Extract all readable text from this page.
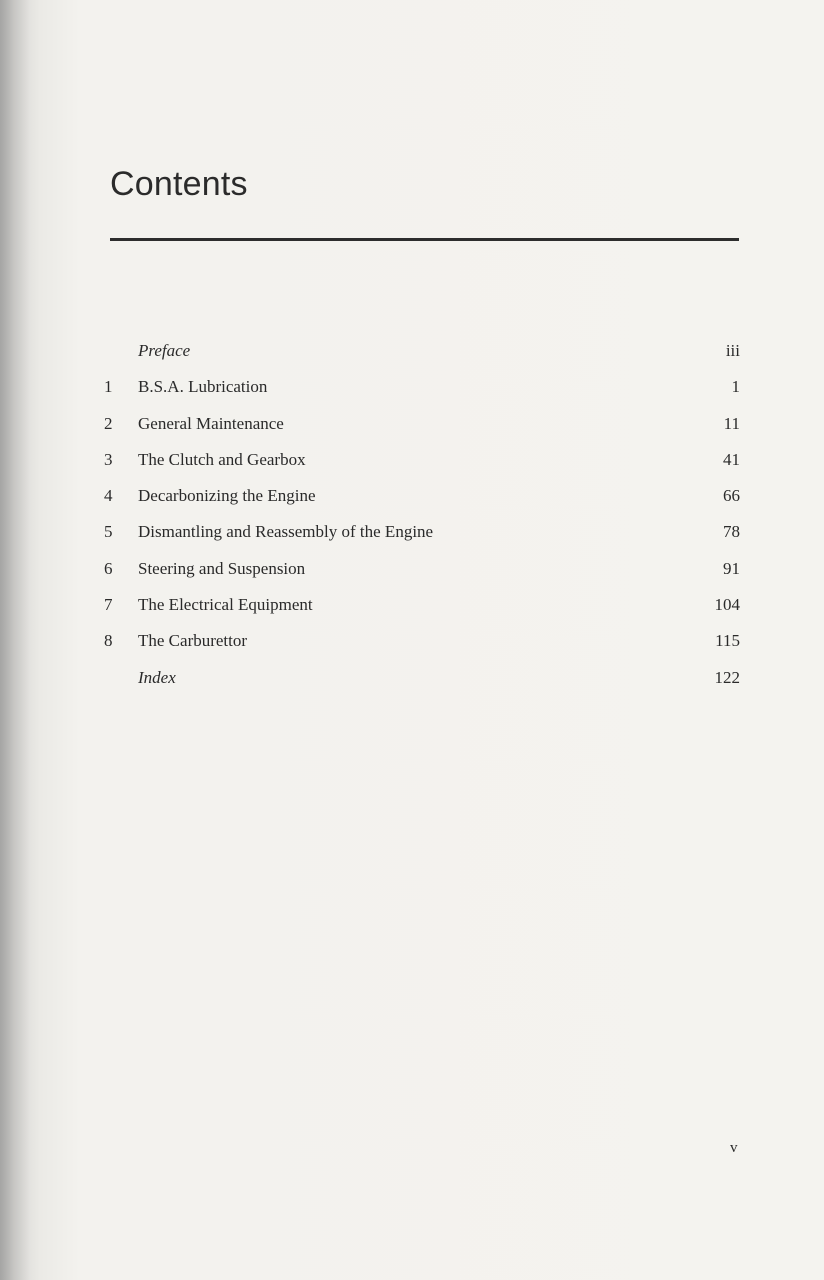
Contents
Preface	iii
1	B.S.A. Lubrication	1
2	General Maintenance	11
3	The Clutch and Gearbox	41
4	Decarbonizing the Engine	66
5	Dismantling and Reassembly of the Engine	78
6	Steering and Suspension	91
7	The Electrical Equipment	104
8	The Carburettor	115
Index	122
v
